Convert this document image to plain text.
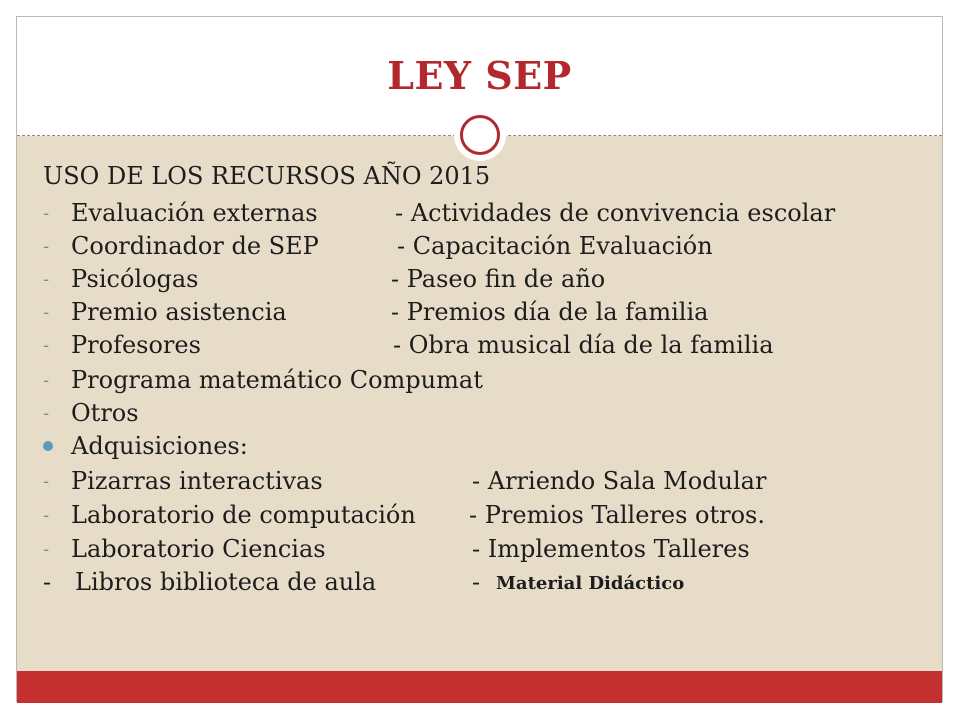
LEY SEP
USO DE LOS RECURSOS AÑO 2015
- Evaluación externas	- Actividades de convivencia escolar
- Coordinador de SEP	- Capacitación Evaluación
- Psicólogas	- Paseo fin de año
- Premio asistencia	- Premios día de la familia
- Profesores	- Obra musical día de la familia
- Programa matemático Compumat
- Otros
Adquisiciones:
- Pizarras interactivas	- Arriendo Sala Modular
- Laboratorio de computación - Premios Talleres otros.
- Laboratorio Ciencias	- Implementos Talleres
- Libros biblioteca de aula	- Material Didáctico
